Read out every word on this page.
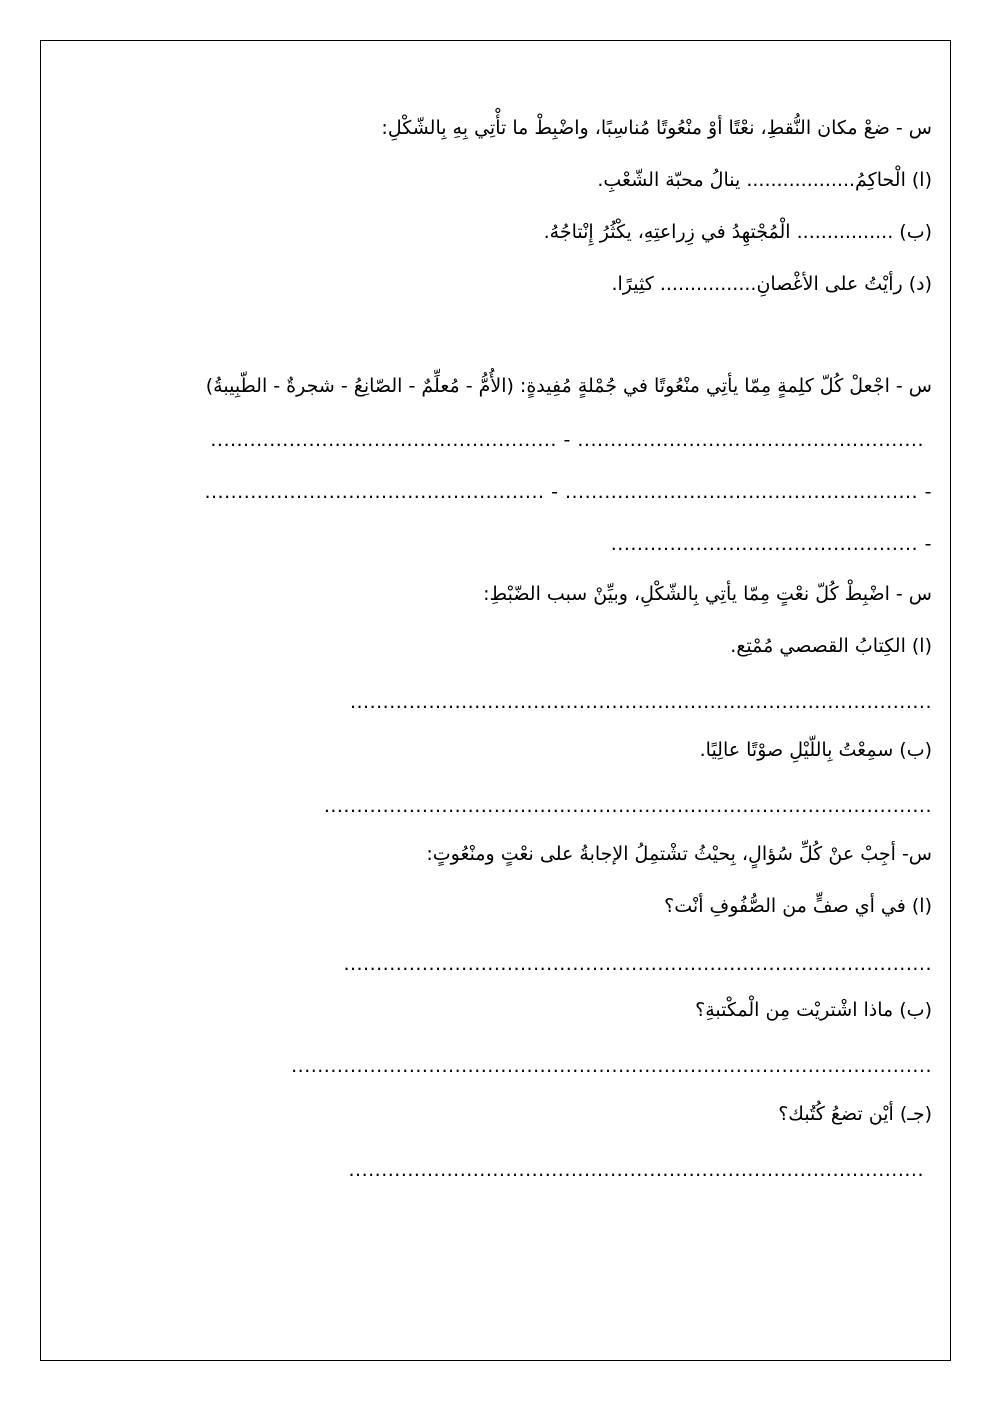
س - ضعْ مكان النُّقطِ، نعْتًا أوْ منْعُوتًا مُناسِبًا، واضْبِطْ ما تأْتِي بِهِ بِالشّكْلِ:
(ا) الْحاكِمُ.................. ينالُ محبّة الشّعْبِ.
(ب) ................ الْمُجْتهِدُ في زِراعتِهِ، يكْثُرُ إِنْتاجُهُ.
(د) رأيْتُ على الأغْصانِ................ كثِيرًا.
س - اجْعلْ كُلّ كلِمةٍ مِمّا يأتِي منْعُوتًا في جُمْلةٍ مُفِيدةٍ: (الأُمُّ - مُعلِّمٌ - الصّانِعُ - شجرةٌ - الطّبِيبةُ)
..................................................... - .....................................................
- ...................................................... - ....................................................
- ...............................................
س - اضْبِطْ كُلّ نعْتٍ مِمّا يأتِي بِالشّكْلِ، وبيِّنْ سبب الضّبْطِ:
(ا) الكِتابُ القصصي مُمْتِع.
.........................................................................................
(ب) سمِعْتُ بِاللّيْلِ صوْتًا عالِيًا.
.............................................................................................
س- أجِبْ عنْ كُلِّ سُؤالٍ، بِحيْثُ تشْتمِلُ الإجابةُ على نعْتٍ ومنْعُوتٍ:
(ا) في أي صفٍّ من الصُّفُوفِ أنْت؟
..........................................................................................
(ب) ماذا اشْتريْت مِن الْمكْتبةِ؟
..................................................................................................
(جـ) أيْن تضعُ كُتُبك؟
........................................................................................
